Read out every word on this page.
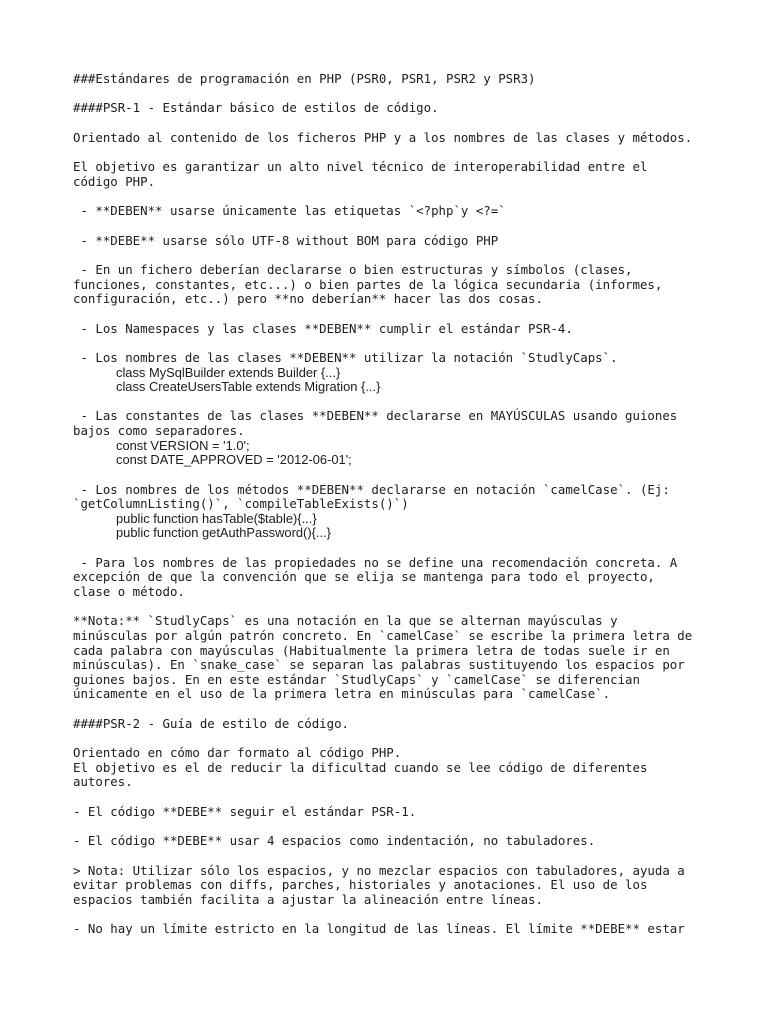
###Estándares de programación en PHP (PSR0, PSR1, PSR2 y PSR3)
####PSR-1 - Estándar básico de estilos de código.
Orientado al contenido de los ficheros PHP y a los nombres de las clases y métodos.
El objetivo es garantizar un alto nivel técnico de interoperabilidad entre el
código PHP.
- **DEBEN** usarse únicamente las etiquetas `<?php`y <?=`
- **DEBE** usarse sólo UTF-8 without BOM para código PHP
- En un fichero deberían declararse o bien estructuras y símbolos (clases,
funciones, constantes, etc...) o bien partes de la lógica secundaria (informes,
configuración, etc..) pero **no deberían** hacer las dos cosas.
- Los Namespaces y las clases **DEBEN** cumplir el estándar PSR-4.
- Los nombres de las clases **DEBEN** utilizar la notación `StudlyCaps`.
class MySqlBuilder extends Builder {...}
class CreateUsersTable extends Migration {...}
- Las constantes de las clases **DEBEN** declararse en MAYÚSCULAS usando guiones
bajos como separadores.
const VERSION = '1.0';
const DATE_APPROVED = '2012-06-01';
- Los nombres de los métodos **DEBEN** declararse en notación `camelCase`. (Ej:
`getColumnListing()`, `compileTableExists()`)
public function hasTable($table){...}
public function getAuthPassword(){...}
- Para los nombres de las propiedades no se define una recomendación concreta. A
excepción de que la convención que se elija se mantenga para todo el proyecto,
clase o método.
**Nota:** `StudlyCaps` es una notación en la que se alternan mayúsculas y
minúsculas por algún patrón concreto. En `camelCase` se escribe la primera letra de
cada palabra con mayúsculas (Habitualmente la primera letra de todas suele ir en
minúsculas). En `snake_case` se separan las palabras sustituyendo los espacios por
guiones bajos. En en este estándar `StudlyCaps` y `camelCase` se diferencian
únicamente en el uso de la primera letra en minúsculas para `camelCase`.
####PSR-2 - Guía de estilo de código.
Orientado en cómo dar formato al código PHP.
El objetivo es el de reducir la dificultad cuando se lee código de diferentes
autores.
- El código **DEBE** seguir el estándar PSR-1.
- El código **DEBE** usar 4 espacios como indentación, no tabuladores.
> Nota: Utilizar sólo los espacios, y no mezclar espacios con tabuladores, ayuda a
evitar problemas con diffs, parches, historiales y anotaciones. El uso de los
espacios también facilita a ajustar la alineación entre líneas.
- No hay un límite estricto en la longitud de las líneas. El límite **DEBE** estar
